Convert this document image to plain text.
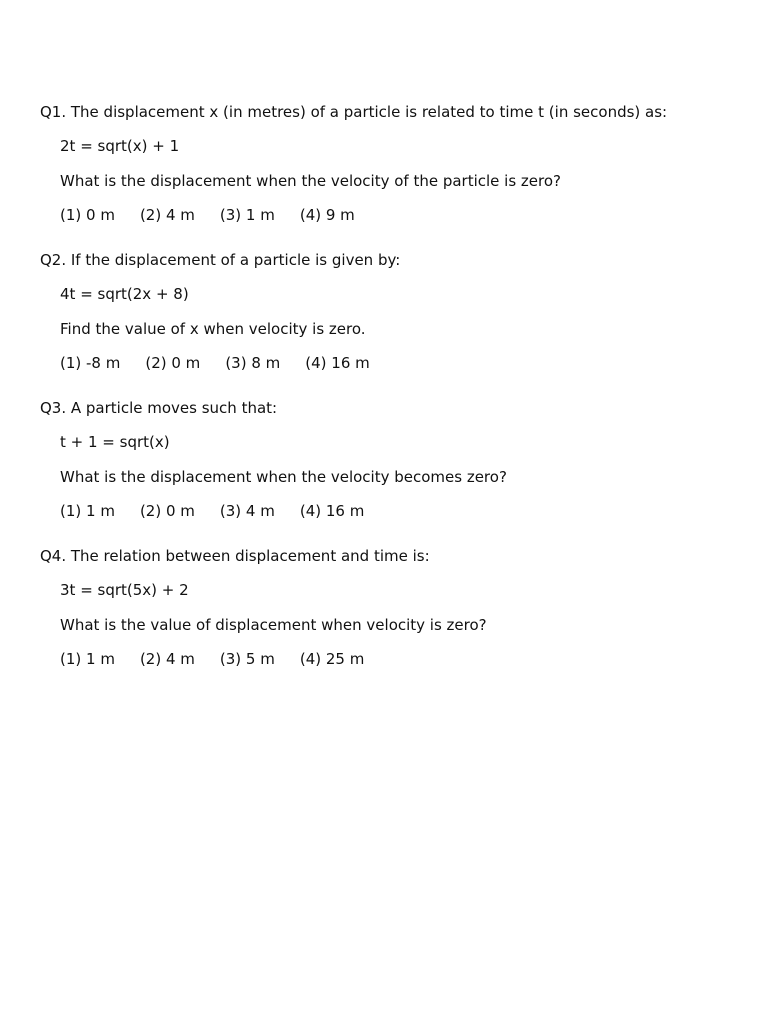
Q1. The displacement x (in metres) of a particle is related to time t (in seconds) as:
2t = sqrt(x) + 1
What is the displacement when the velocity of the particle is zero?
(1) 0 m (2) 4 m (3) 1 m (4) 9 m
Q2. If the displacement of a particle is given by:
4t = sqrt(2x + 8)
Find the value of x when velocity is zero.
(1) -8 m (2) 0 m (3) 8 m (4) 16 m
Q3. A particle moves such that:
t + 1 = sqrt(x)
What is the displacement when the velocity becomes zero?
(1) 1 m (2) 0 m (3) 4 m (4) 16 m
Q4. The relation between displacement and time is:
3t = sqrt(5x) + 2
What is the value of displacement when velocity is zero?
(1) 1 m (2) 4 m (3) 5 m (4) 25 m
